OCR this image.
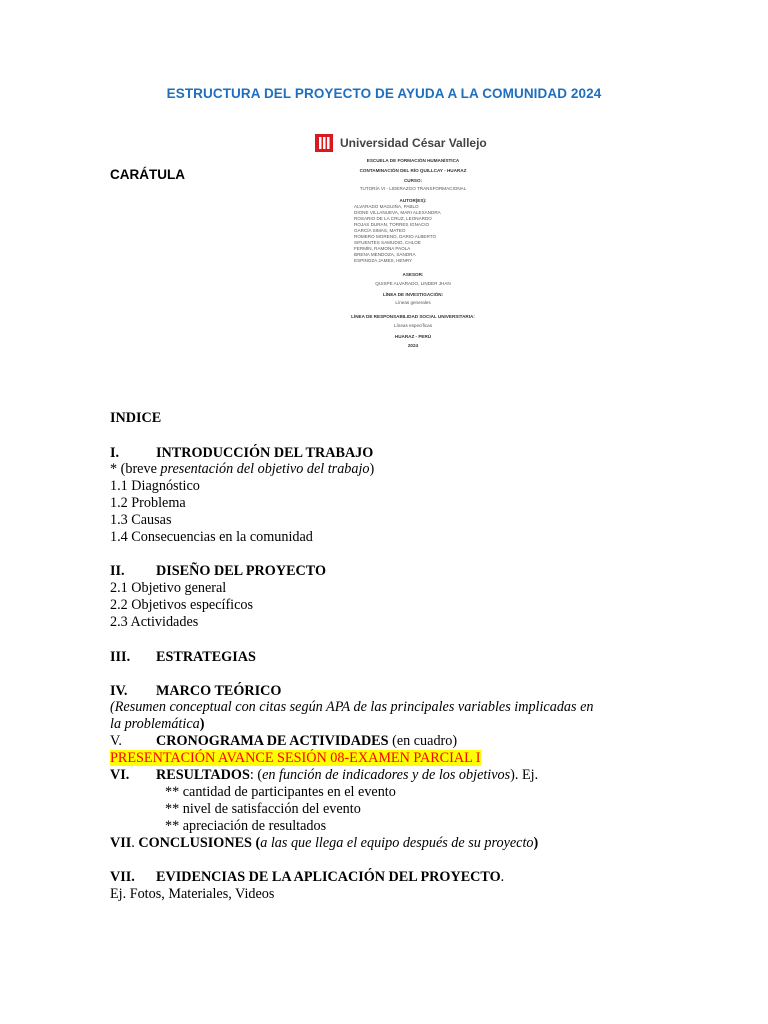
ESTRUCTURA DEL PROYECTO DE AYUDA A LA COMUNIDAD 2024
CARÁTULA
Universidad César Vallejo
ESCUELA DE FORMACIÓN HUMANÍSTICA
CONTAMINACIÓN DEL RÍO QUILLCAY - HUARAZ
CURSO:
TUTORÍA VI - LIDERAZGO TRANSFORMACIONAL
AUTOR(ES):
ALVARADO MAGUIÑA, PABLO
DIONE VILLANUEVA, MARI ALEXANDRA
ROSARIO DE LA CRUZ, LEONARDO
ROJAS DURAN, TORRES IGNACIO
GARCÍA SIMAS, MATEO
ROMERO MORENO, DARIO ALBERTO
SIFUENTES SAMUDIO, CHLOE
FERMÍN, RAMONA PAOLA
BRENA MENDOZA, SANDRA
ESPINOZA JAMES, HENRY
ASESOR:
QUISPE ALVARADO, LINDER JHAN
LÍNEA DE INVESTIGACIÓN:
Líneas generales
LÍNEA DE RESPONSABILIDAD SOCIAL UNIVERSITARIA:
Líneas específicas
HUARAZ - PERÚ
2024
INDICE
I.	INTRODUCCIÓN DEL TRABAJO
* (breve presentación del objetivo del trabajo)
1.1 Diagnóstico
1.2 Problema
1.3 Causas
1.4 Consecuencias en la comunidad
II. DISEÑO DEL PROYECTO
2.1 Objetivo general
2.2 Objetivos específicos
2.3 Actividades
III. ESTRATEGIAS
IV. MARCO TEÓRICO
(Resumen conceptual con citas según APA de las principales variables implicadas en
la problemática)
V. CRONOGRAMA DE ACTIVIDADES (en cuadro)
PRESENTACIÓN AVANCE SESIÓN 08-EXAMEN PARCIAL I
VI. RESULTADOS: (en función de indicadores y de los objetivos). Ej.
** cantidad de participantes en el evento
** nivel de satisfacción del evento
** apreciación de resultados
VII. CONCLUSIONES (a las que llega el equipo después de su proyecto)
VII. EVIDENCIAS DE LA APLICACIÓN DEL PROYECTO.
Ej. Fotos, Materiales, Videos
